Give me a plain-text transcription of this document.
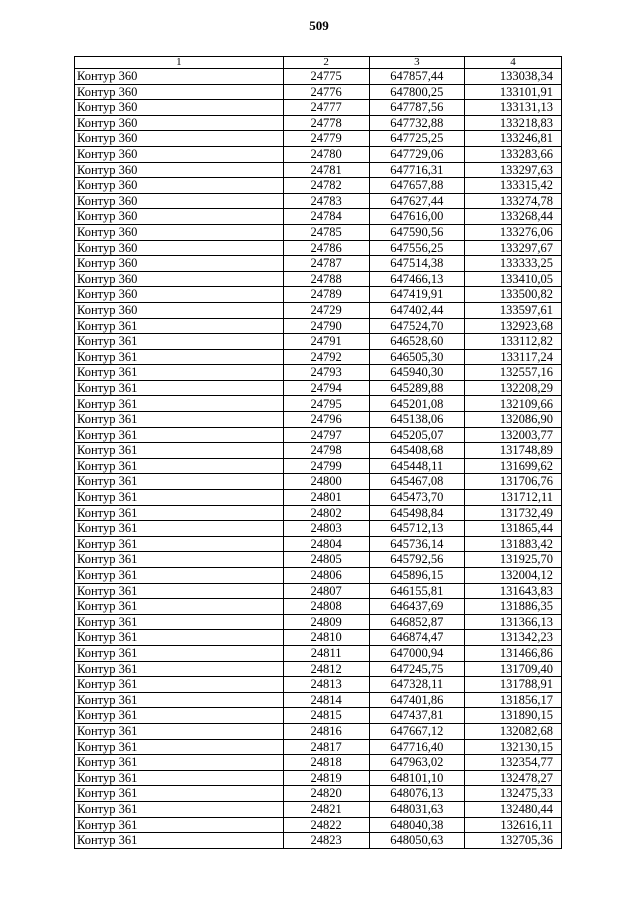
509
1	2	3	4
Контур 360	24775	647857,44	133038,34
Контур 360	24776	647800,25	133101,91
Контур 360	24777	647787,56	133131,13
Контур 360	24778	647732,88	133218,83
Контур 360	24779	647725,25	133246,81
Контур 360	24780	647729,06	133283,66
Контур 360	24781	647716,31	133297,63
Контур 360	24782	647657,88	133315,42
Контур 360	24783	647627,44	133274,78
Контур 360	24784	647616,00	133268,44
Контур 360	24785	647590,56	133276,06
Контур 360	24786	647556,25	133297,67
Контур 360	24787	647514,38	133333,25
Контур 360	24788	647466,13	133410,05
Контур 360	24789	647419,91	133500,82
Контур 360	24729	647402,44	133597,61
Контур 361	24790	647524,70	132923,68
Контур 361	24791	646528,60	133112,82
Контур 361	24792	646505,30	133117,24
Контур 361	24793	645940,30	132557,16
Контур 361	24794	645289,88	132208,29
Контур 361	24795	645201,08	132109,66
Контур 361	24796	645138,06	132086,90
Контур 361	24797	645205,07	132003,77
Контур 361	24798	645408,68	131748,89
Контур 361	24799	645448,11	131699,62
Контур 361	24800	645467,08	131706,76
Контур 361	24801	645473,70	131712,11
Контур 361	24802	645498,84	131732,49
Контур 361	24803	645712,13	131865,44
Контур 361	24804	645736,14	131883,42
Контур 361	24805	645792,56	131925,70
Контур 361	24806	645896,15	132004,12
Контур 361	24807	646155,81	131643,83
Контур 361	24808	646437,69	131886,35
Контур 361	24809	646852,87	131366,13
Контур 361	24810	646874,47	131342,23
Контур 361	24811	647000,94	131466,86
Контур 361	24812	647245,75	131709,40
Контур 361	24813	647328,11	131788,91
Контур 361	24814	647401,86	131856,17
Контур 361	24815	647437,81	131890,15
Контур 361	24816	647667,12	132082,68
Контур 361	24817	647716,40	132130,15
Контур 361	24818	647963,02	132354,77
Контур 361	24819	648101,10	132478,27
Контур 361	24820	648076,13	132475,33
Контур 361	24821	648031,63	132480,44
Контур 361	24822	648040,38	132616,11
Контур 361	24823	648050,63	132705,36
